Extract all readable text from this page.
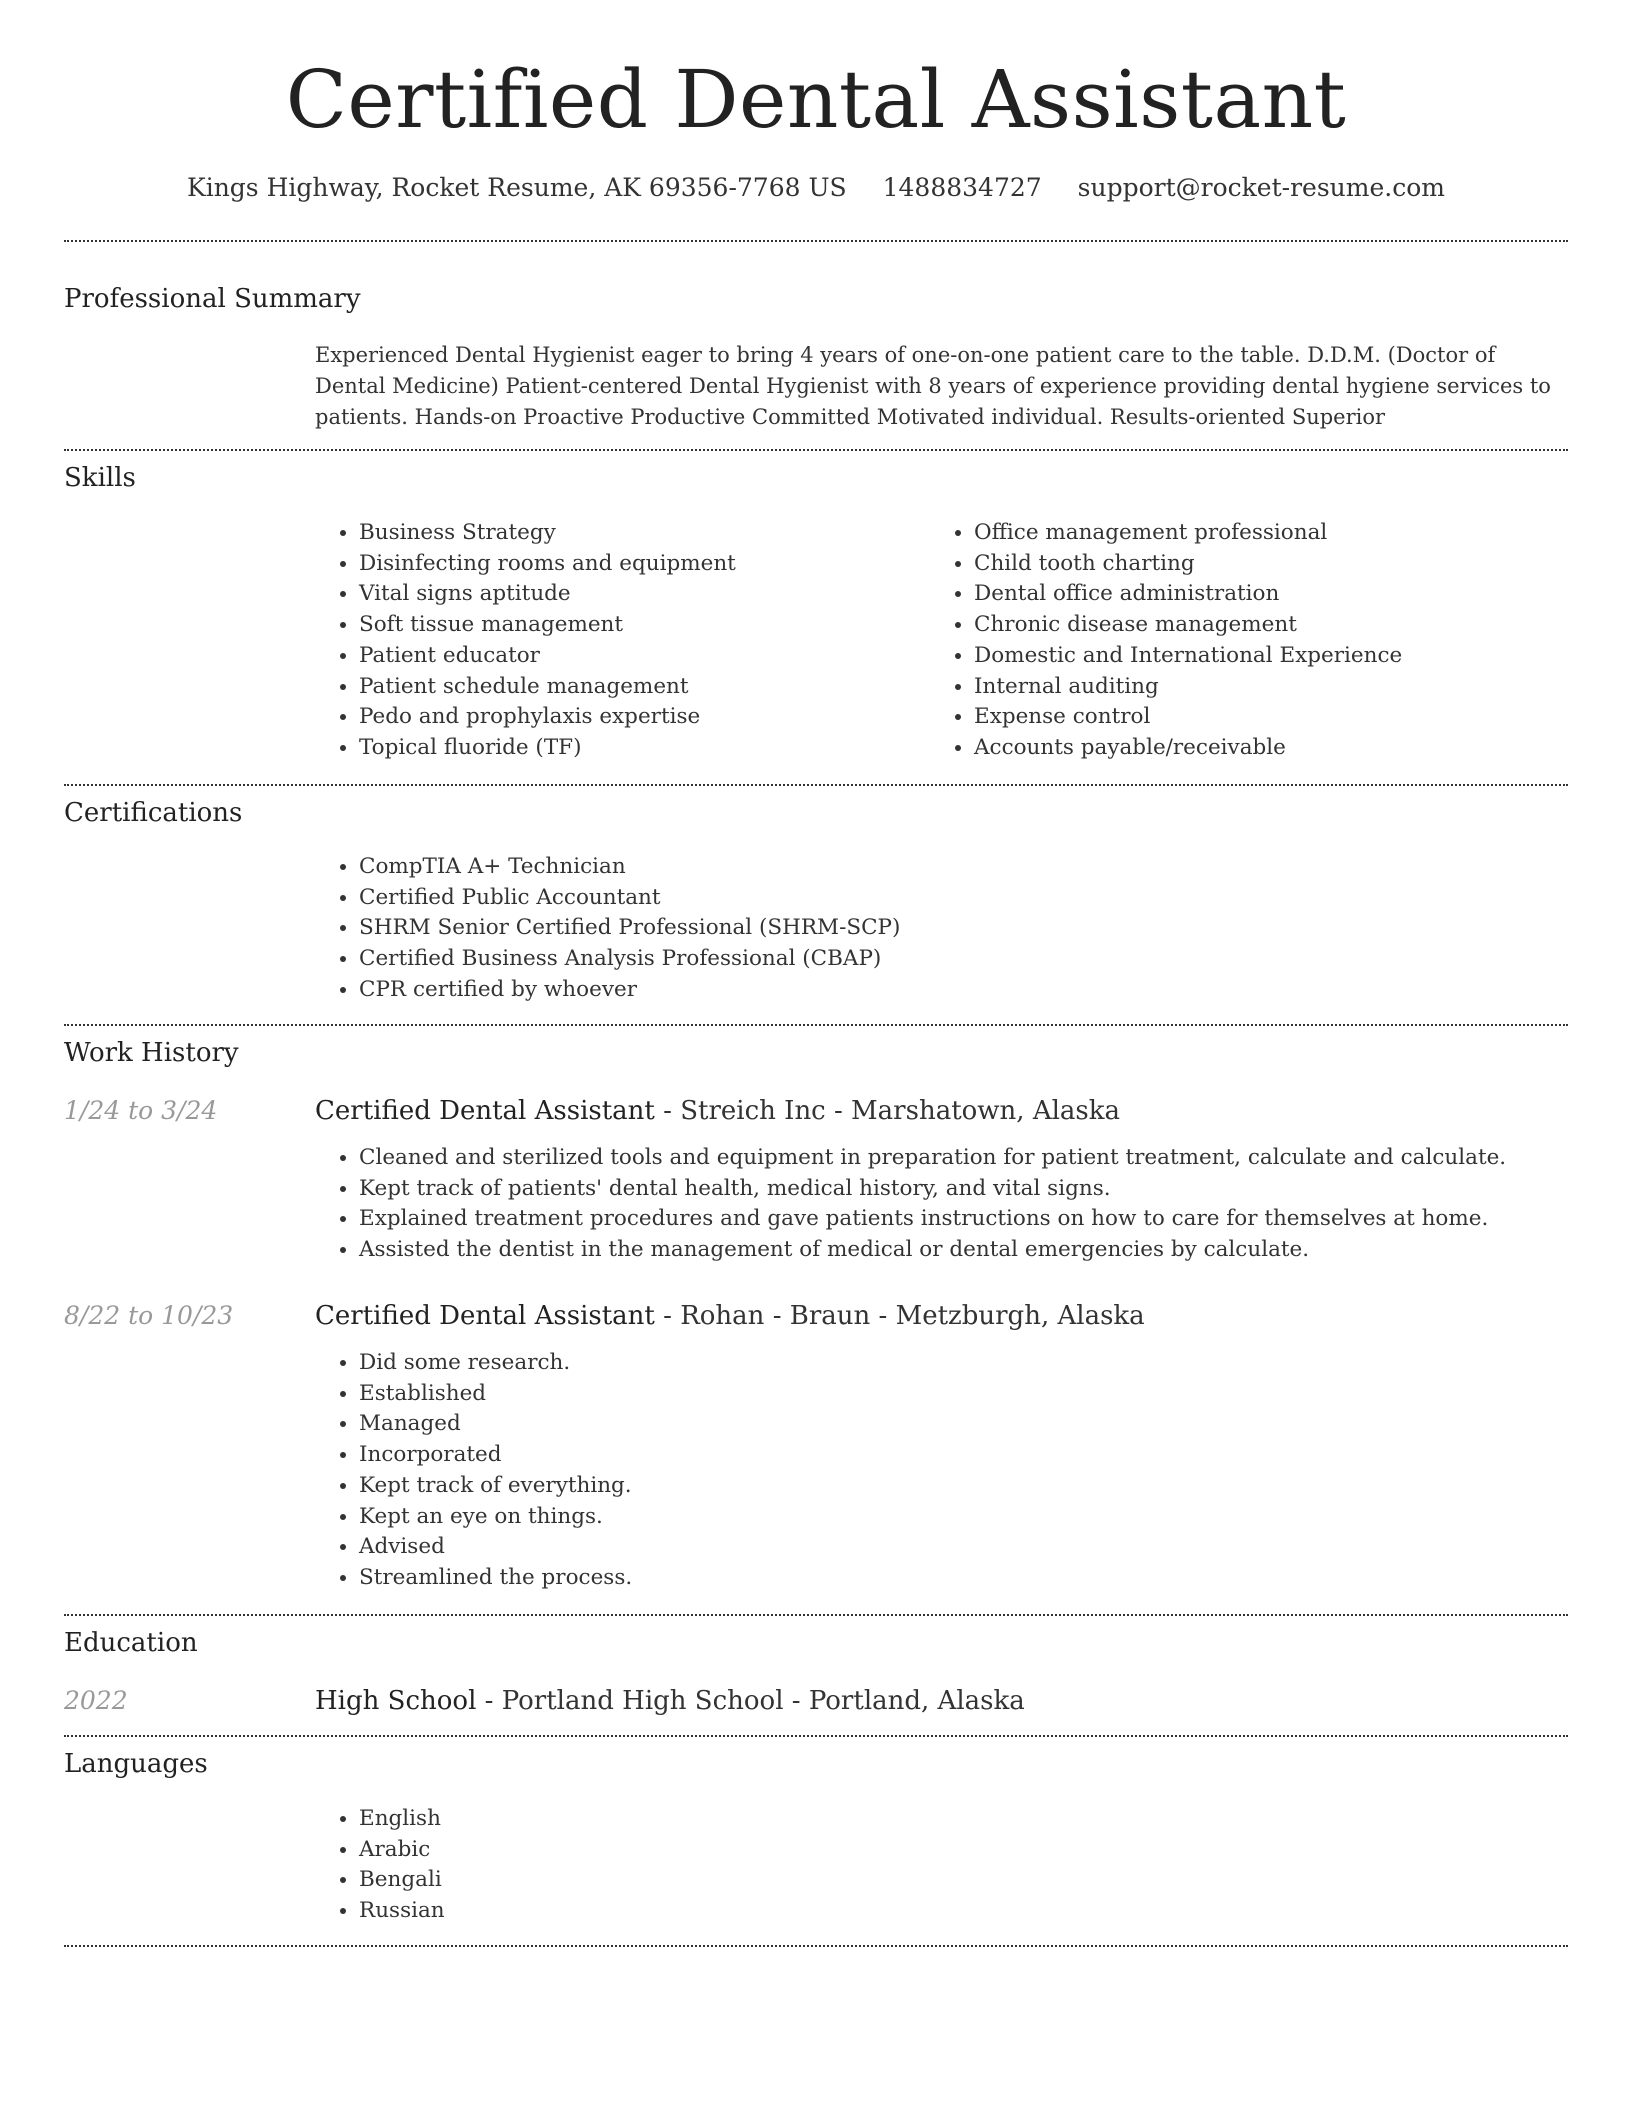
Certified Dental Assistant
Kings Highway, Rocket Resume, AK 69356-7768 US 1488834727 support@rocket-resume.com
Professional Summary
Experienced Dental Hygienist eager to bring 4 years of one-on-one patient care to the table. D.D.M. (Doctor of Dental Medicine) Patient-centered Dental Hygienist with 8 years of experience providing dental hygiene services to patients. Hands-on Proactive Productive Committed Motivated individual. Results-oriented Superior
Skills
• Business Strategy
• Disinfecting rooms and equipment
• Vital signs aptitude
• Soft tissue management
• Patient educator
• Patient schedule management
• Pedo and prophylaxis expertise
• Topical fluoride (TF)
• Office management professional
• Child tooth charting
• Dental office administration
• Chronic disease management
• Domestic and International Experience
• Internal auditing
• Expense control
• Accounts payable/receivable
Certifications
• CompTIA A+ Technician
• Certified Public Accountant
• SHRM Senior Certified Professional (SHRM-SCP)
• Certified Business Analysis Professional (CBAP)
• CPR certified by whoever
Work History
1/24 to 3/24	Certified Dental Assistant - Streich Inc - Marshatown, Alaska
• Cleaned and sterilized tools and equipment in preparation for patient treatment, calculate and calculate.
• Kept track of patients' dental health, medical history, and vital signs.
• Explained treatment procedures and gave patients instructions on how to care for themselves at home.
• Assisted the dentist in the management of medical or dental emergencies by calculate.
8/22 to 10/23	Certified Dental Assistant - Rohan - Braun - Metzburgh, Alaska
• Did some research.
• Established
• Managed
• Incorporated
• Kept track of everything.
• Kept an eye on things.
• Advised
• Streamlined the process.
Education
2022	High School - Portland High School - Portland, Alaska
Languages
• English
• Arabic
• Bengali
• Russian
